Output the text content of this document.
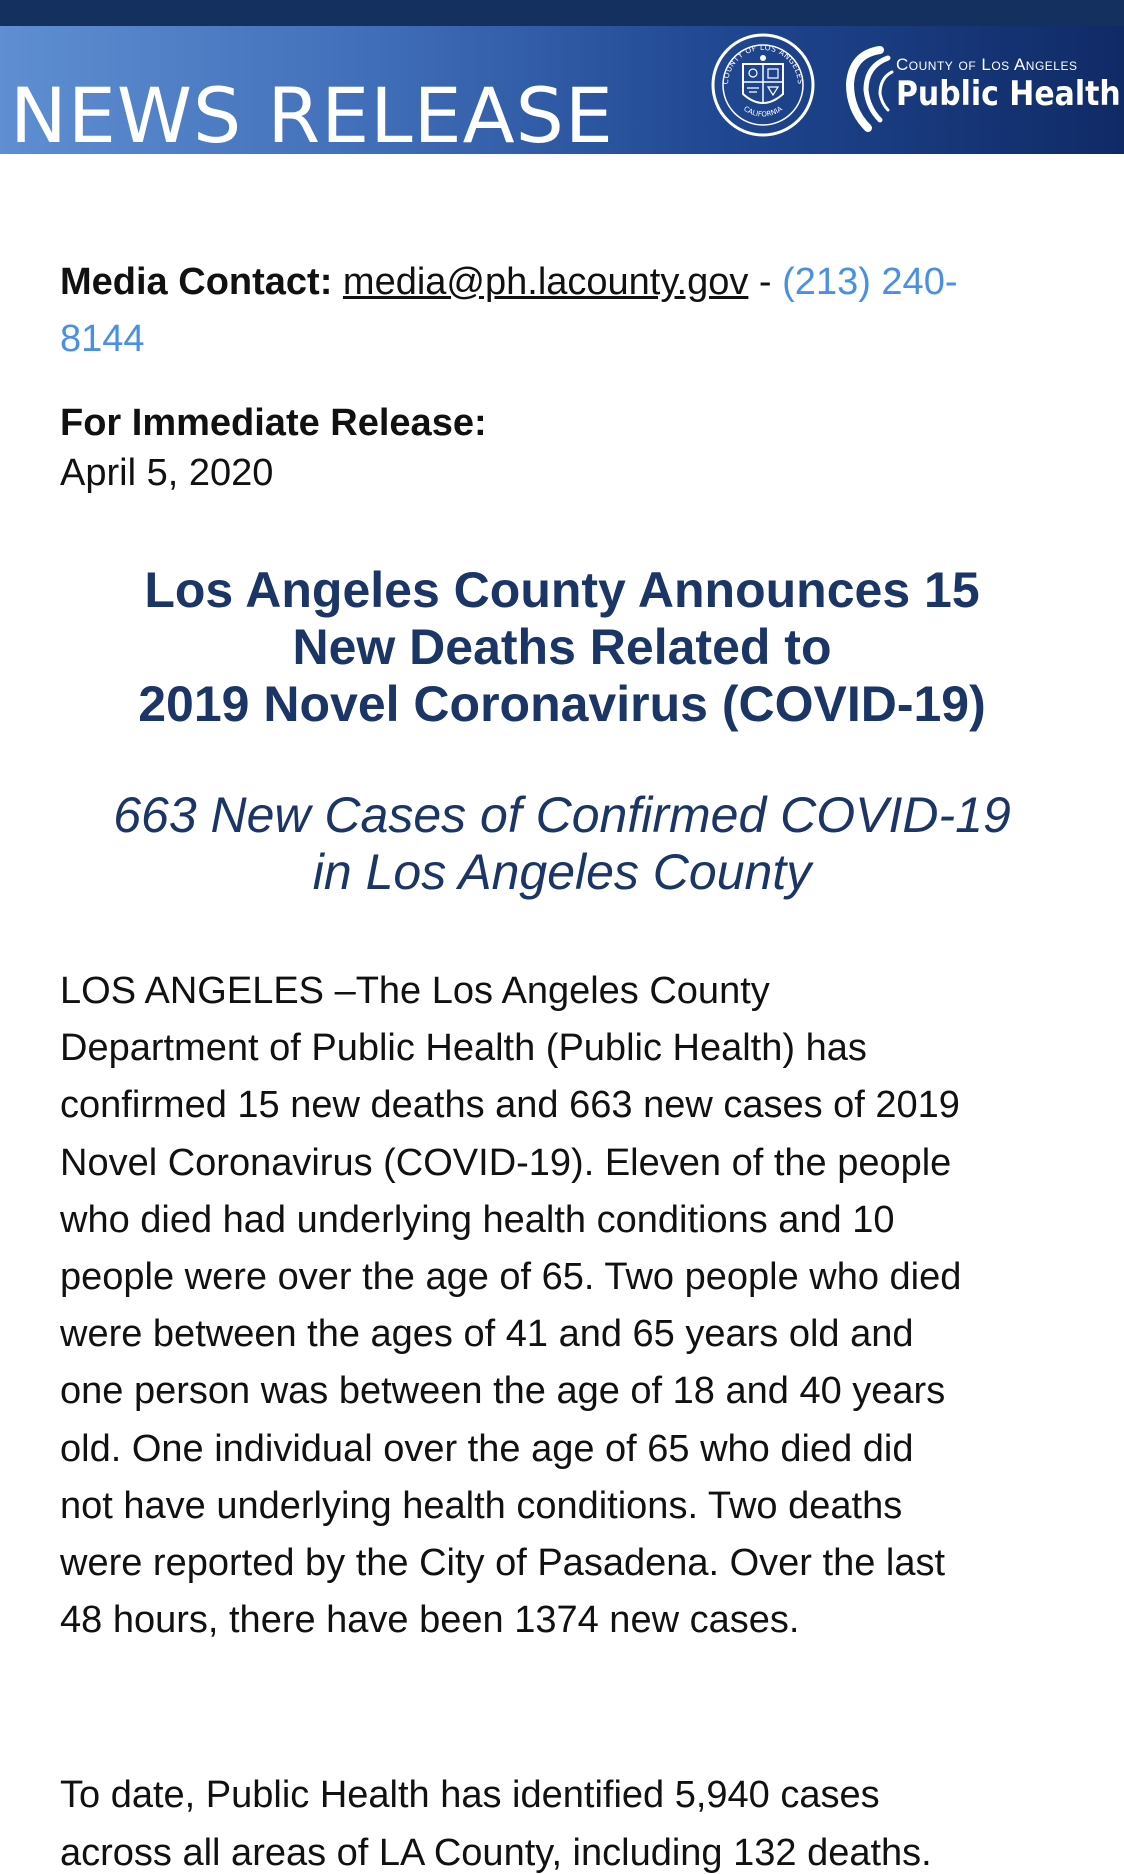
NEWS RELEASE	COUNTY OF LOS ANGELES
CALIFORNIA
County of Los Angeles
Public Health
Media Contact: media@ph.lacounty.gov - (213) 240-
8144
For Immediate Release:
April 5, 2020
Los Angeles County Announces 15
New Deaths Related to
2019 Novel Coronavirus (COVID-19)
663 New Cases of Confirmed COVID-19
in Los Angeles County
LOS ANGELES –The Los Angeles County
Department of Public Health (Public Health) has
confirmed 15 new deaths and 663 new cases of 2019
Novel Coronavirus (COVID-19). Eleven of the people
who died had underlying health conditions and 10
people were over the age of 65. Two people who died
were between the ages of 41 and 65 years old and
one person was between the age of 18 and 40 years
old. One individual over the age of 65 who died did
not have underlying health conditions. Two deaths
were reported by the City of Pasadena. Over the last
48 hours, there have been 1374 new cases.
To date, Public Health has identified 5,940 cases
across all areas of LA County, including 132 deaths.
